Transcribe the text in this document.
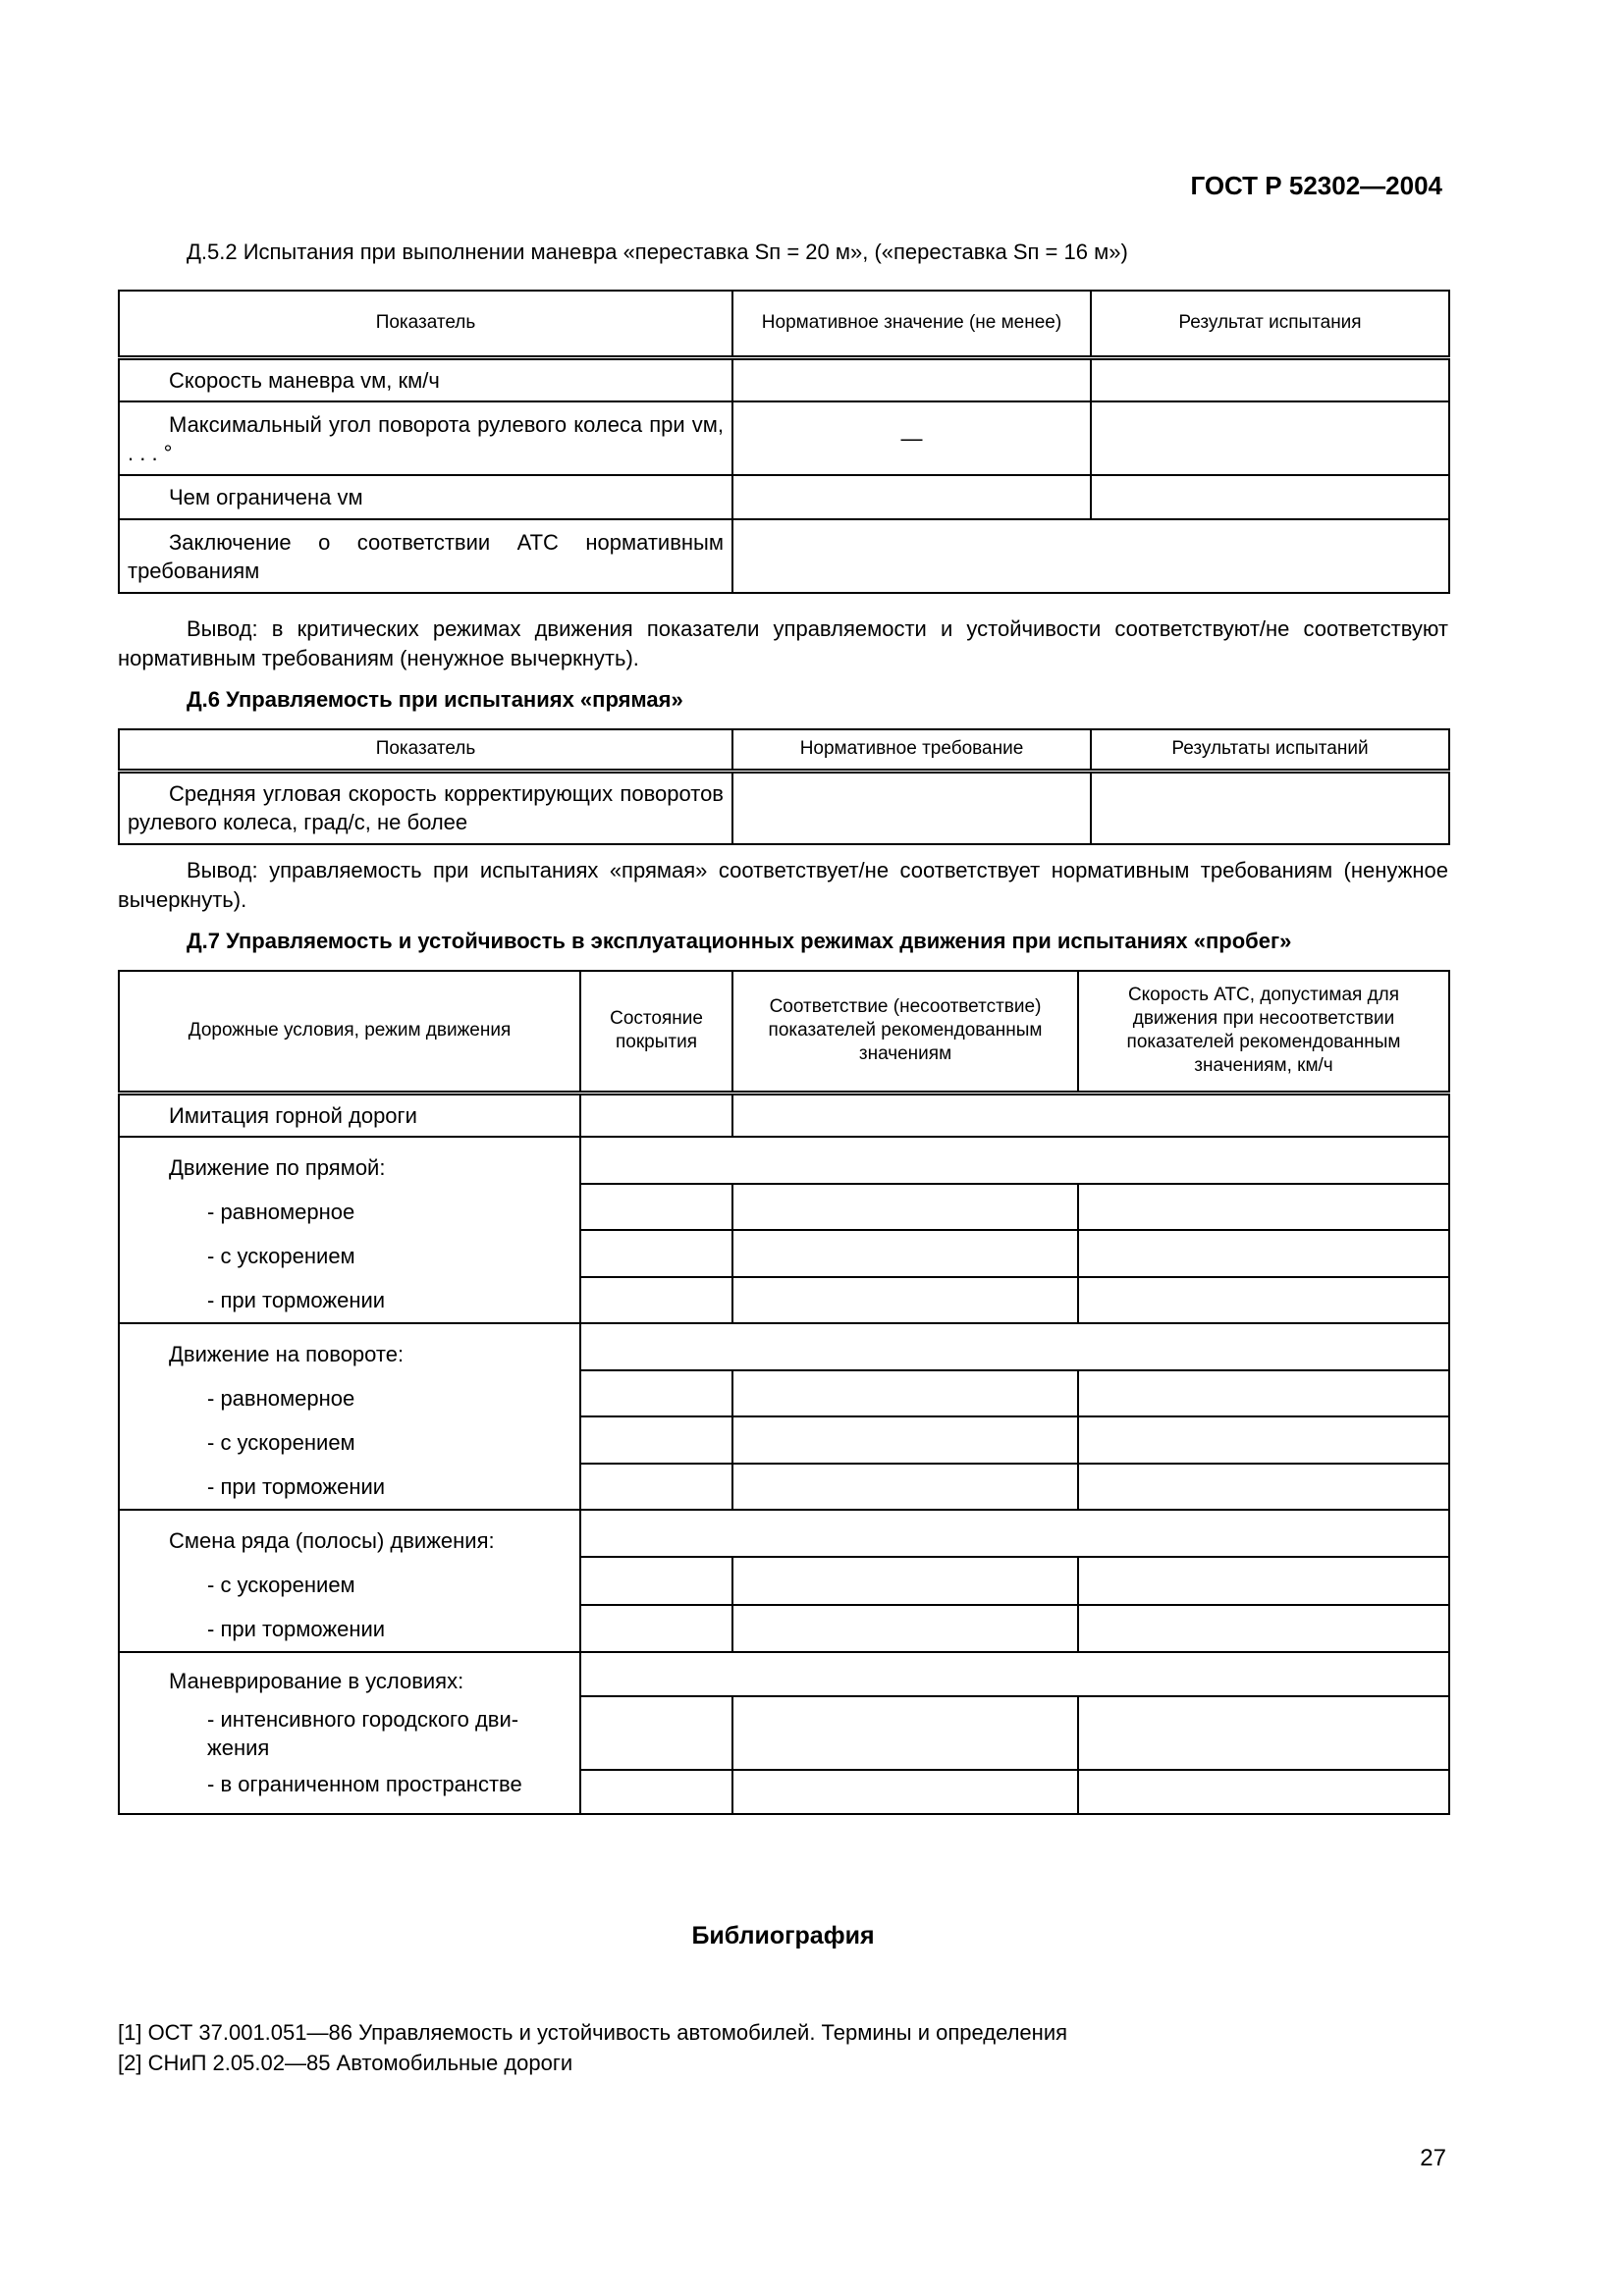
ГОСТ Р 52302—2004
Д.5.2 Испытания при выполнении маневра «переставка Sп = 20 м», («переставка Sп = 16 м»)
Показатель	Нормативное значение (не менее)	Результат испытания
Скорость маневра vм, км/ч		
Максимальный угол поворота рулевого колеса при vм, . . . °	—	
Чем ограничена vм		
Заключение о соответствии АТС нормативным требованиям		
Вывод: в критических режимах движения показатели управляемости и устойчивости соответствуют/не соответствуют нормативным требованиям (ненужное вычеркнуть).
Д.6 Управляемость при испытаниях «прямая»
Показатель	Нормативное требование	Результаты испытаний
Средняя угловая скорость корректирующих поворотов рулевого колеса, град/с, не более		
Вывод: управляемость при испытаниях «прямая» соответствует/не соответствует нормативным требованиям (ненужное вычеркнуть).
Д.7 Управляемость и устойчивость в эксплуатационных режимах движения при испытаниях «пробег»
Дорожные условия, режим движения	Состояние покрытия	Соответствие (несоответствие) показателей рекомендованным значениям	Скорость АТС, допустимая для движения при несоответствии показателей рекомендованным значениям, км/ч
Имитация горной дороги			

Движение по прямой:
- равномерное
- с ускорением
- при торможении			

Движение на повороте:
- равномерное
- с ускорением
- при торможении			

Смена ряда (полосы) движения:
- с ускорением
- при торможении			

Маневрирование в условиях:
- интенсивного городского дви-жения
- в ограниченном пространстве			

Библиография
[1] ОСТ 37.001.051—86 Управляемость и устойчивость автомобилей. Термины и определения
[2] СНиП 2.05.02—85 Автомобильные дороги
27
